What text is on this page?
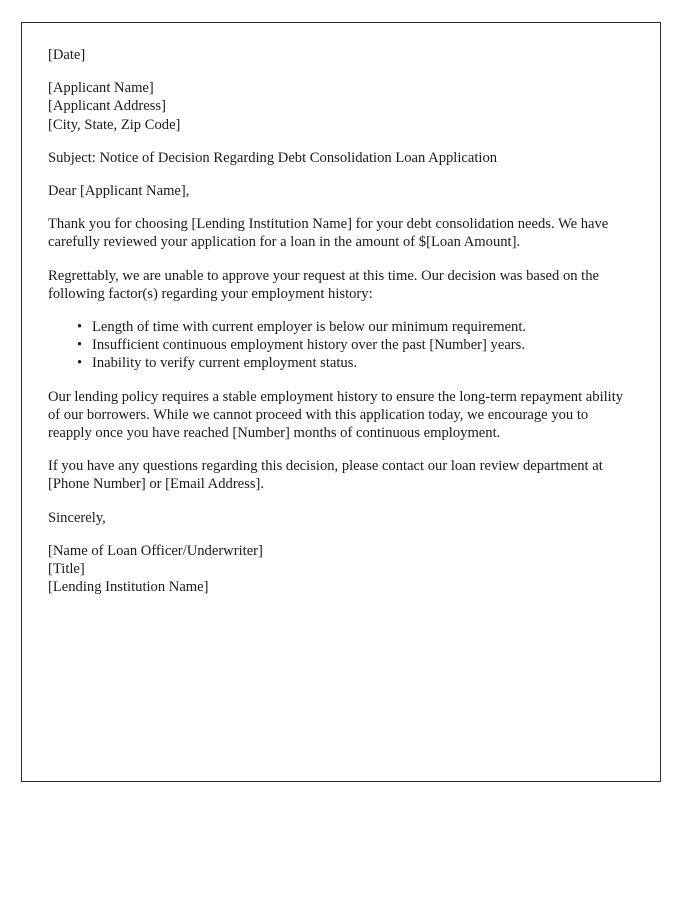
[Date]
[Applicant Name]
[Applicant Address]
[City, State, Zip Code]
Subject: Notice of Decision Regarding Debt Consolidation Loan Application
Dear [Applicant Name],

Thank you for choosing [Lending Institution Name] for your debt consolidation needs. We have carefully reviewed your application for a loan in the amount of $[Loan Amount].

Regrettably, we are unable to approve your request at this time. Our decision was based on the following factor(s) regarding your employment history:

• Length of time with current employer is below our minimum requirement.
• Insufficient continuous employment history over the past [Number] years.
• Inability to verify current employment status.

Our lending policy requires a stable employment history to ensure the long-term repayment ability of our borrowers. While we cannot proceed with this application today, we encourage you to reapply once you have reached [Number] months of continuous employment.

If you have any questions regarding this decision, please contact our loan review department at [Phone Number] or [Email Address].

Sincerely,
[Name of Loan Officer/Underwriter]
[Title]
[Lending Institution Name]
